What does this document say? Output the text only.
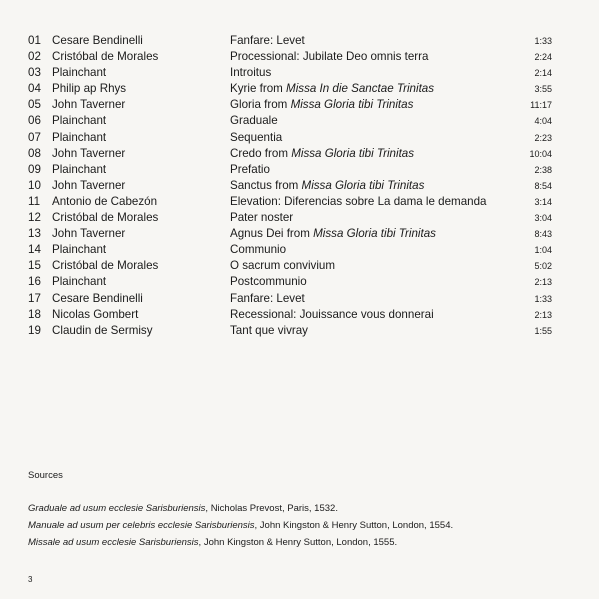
01 Cesare Bendinelli	Fanfare: Levet	1:33
02 Cristóbal de Morales	Processional: Jubilate Deo omnis terra	2:24
03 Plainchant	Introitus	2:14
04 Philip ap Rhys	Kyrie from Missa In die Sanctae Trinitas	3:55
05 John Taverner	Gloria from Missa Gloria tibi Trinitas	11:17
06 Plainchant	Graduale	4:04
07 Plainchant	Sequentia	2:23
08 John Taverner	Credo from Missa Gloria tibi Trinitas	10:04
09 Plainchant	Prefatio	2:38
10 John Taverner	Sanctus from Missa Gloria tibi Trinitas	8:54
11	Antonio de Cabezón	Elevation: Diferencias sobre La dama le demanda	3:14
12 Cristóbal de Morales	Pater noster	3:04
13 John Taverner	Agnus Dei from Missa Gloria tibi Trinitas	8:43
14 Plainchant	Communio	1:04
15 Cristóbal de Morales	O sacrum convivium	5:02
16 Plainchant	Postcommunio	2:13
17 Cesare Bendinelli	Fanfare: Levet	1:33
18 Nicolas Gombert	Recessional: Jouissance vous donnerai	2:13
19 Claudin de Sermisy	Tant que vivray	1:55
Sources
Graduale ad usum ecclesie Sarisburiensis, Nicholas Prevost, Paris, 1532.
Manuale ad usum per celebris ecclesie Sarisburiensis, John Kingston & Henry Sutton, London, 1554.
Missale ad usum ecclesie Sarisburiensis, John Kingston & Henry Sutton, London, 1555.
3
